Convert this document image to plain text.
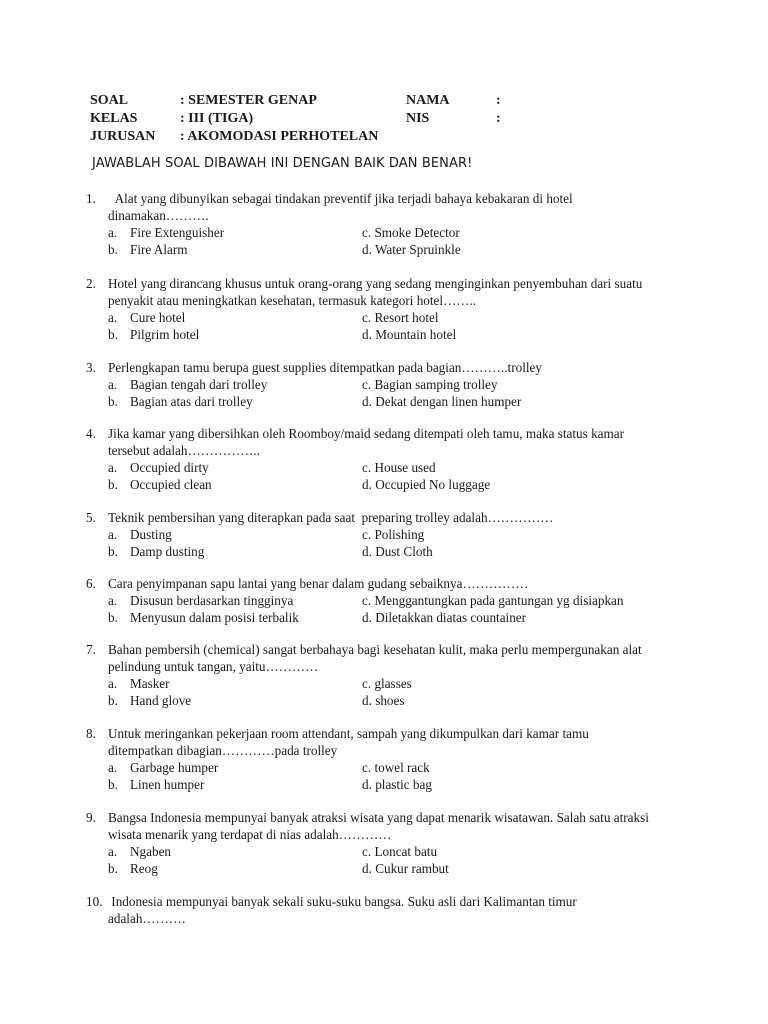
SOAL	: SEMESTER GENAP
KELAS	: III (TIGA)
JURUSAN	: AKOMODASI PERHOTELAN
NAMA	:
NIS	:
JAWABLAH SOAL DIBAWAH INI DENGAN BAIK DAN BENAR!
1.	Alat yang dibunyikan sebagai tindakan preventif jika terjadi bahaya kebakaran di hotel
dinamakan……….
a. Fire Extenguisher	c. Smoke Detector
b. Fire Alarm	d. Water Spruinkle
2. Hotel yang dirancang khusus untuk orang-orang yang sedang menginginkan penyembuhan dari suatu
penyakit atau meningkatkan kesehatan, termasuk kategori hotel……..
a. Cure hotel	c. Resort hotel
b. Pilgrim hotel	d. Mountain hotel
3. Perlengkapan tamu berupa guest supplies ditempatkan pada bagian………..trolley
a. Bagian tengah dari trolley	c. Bagian samping trolley
b. Bagian atas dari trolley	d. Dekat dengan linen humper
4. Jika kamar yang dibersihkan oleh Roomboy/maid sedang ditempati oleh tamu, maka status kamar
tersebut adalah……………..
a. Occupied dirty	c. House used
b. Occupied clean	d. Occupied No luggage
5. Teknik pembersihan yang diterapkan pada saat  preparing trolley adalah……………
a. Dusting	c. Polishing
b. Damp dusting	d. Dust Cloth
6. Cara penyimpanan sapu lantai yang benar dalam gudang sebaiknya……………
a. Disusun berdasarkan tingginya	c. Menggantungkan pada gantungan yg disiapkan
b. Menyusun dalam posisi terbalik	d. Diletakkan diatas countainer
7. Bahan pembersih (chemical) sangat berbahaya bagi kesehatan kulit, maka perlu mempergunakan alat
pelindung untuk tangan, yaitu…………
a. Masker	c. glasses
b. Hand glove	d. shoes
8. Untuk meringankan pekerjaan room attendant, sampah yang dikumpulkan dari kamar tamu
ditempatkan dibagian…………pada trolley
a. Garbage humper	c. towel rack
b. Linen humper	d. plastic bag
9. Bangsa Indonesia mempunyai banyak atraksi wisata yang dapat menarik wisatawan. Salah satu atraksi
wisata menarik yang terdapat di nias adalah…………
a. Ngaben	c. Loncat batu
b. Reog	d. Cukur rambut
10. Indonesia mempunyai banyak sekali suku-suku bangsa. Suku asli dari Kalimantan timur
adalah……….
